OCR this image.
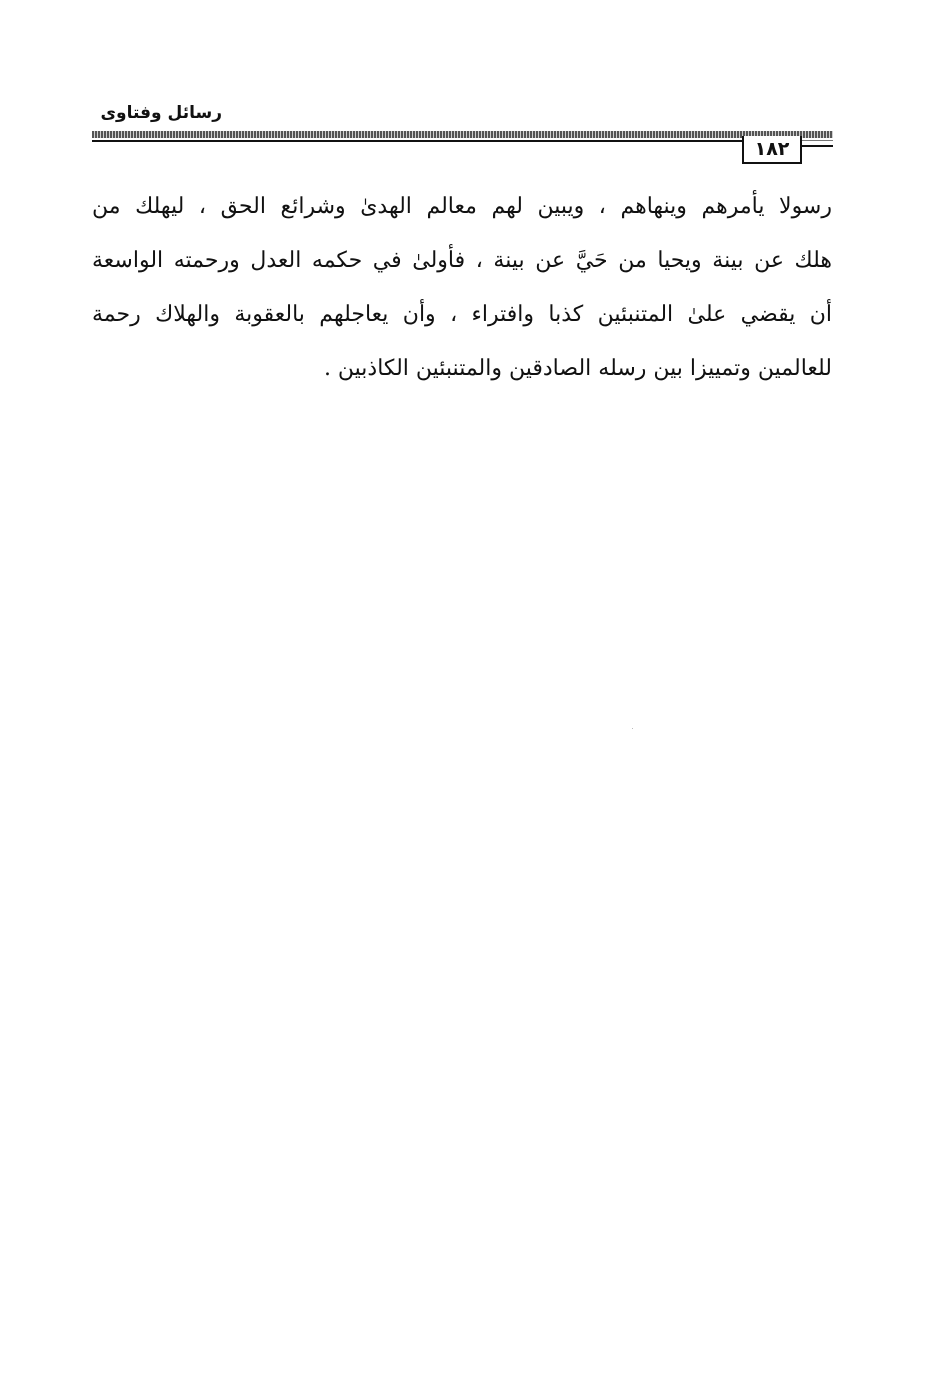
رسائل وفتاوى
١٨٢
رسولا يأمرهم وينهاهم ، ويبين لهم معالم الهدىٰ وشرائع الحق ، ليهلك من
هلك عن بينة ويحيا من حَيَّ عن بينة ، فأولىٰ في حكمه العدل ورحمته الواسعة
أن يقضي علىٰ المتنبئين كذبا وافتراء ، وأن يعاجلهم بالعقوبة والهلاك رحمة
للعالمين وتمييزا بين رسله الصادقين والمتنبئين الكاذبين .
